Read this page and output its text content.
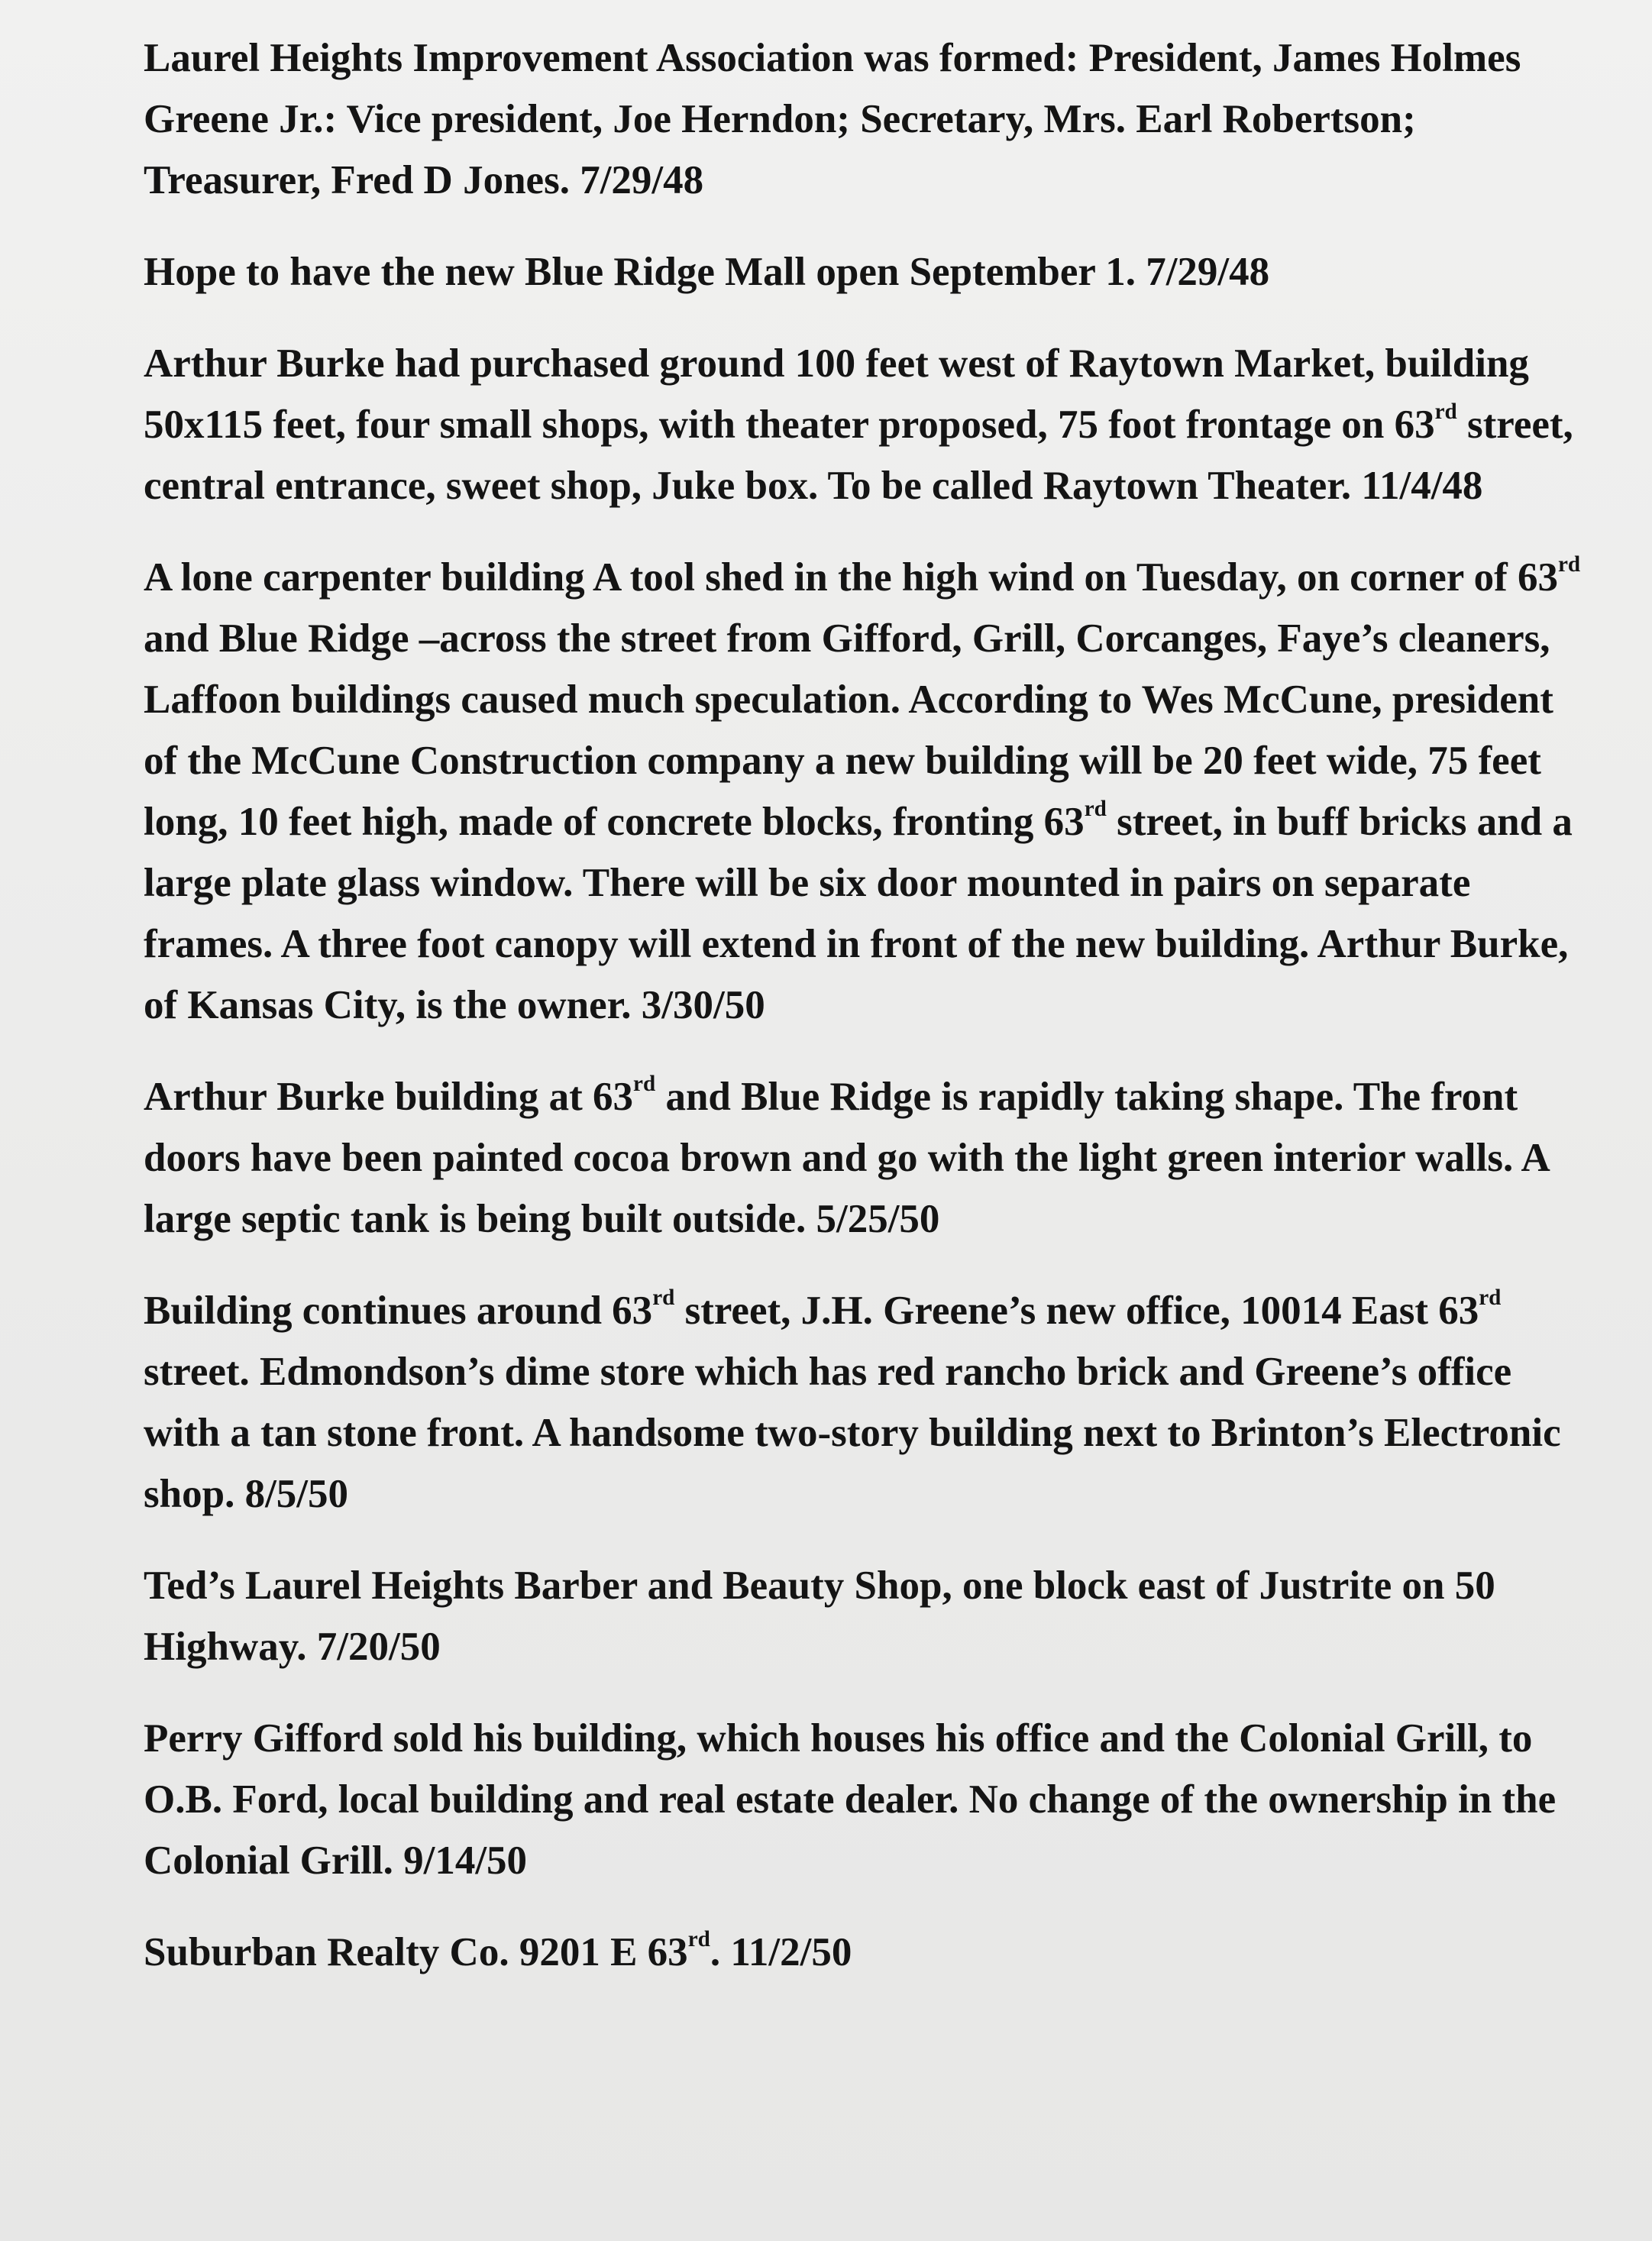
Laurel Heights Improvement Association was formed: President, James Holmes Greene Jr.: Vice president, Joe Herndon; Secretary, Mrs. Earl Robertson; Treasurer, Fred D Jones. 7/29/48

Hope to have the new Blue Ridge Mall open September 1. 7/29/48

Arthur Burke had purchased ground 100 feet west of Raytown Market, building 50x115 feet, four small shops, with theater proposed, 75 foot frontage on 63rd street, central entrance, sweet shop, Juke box. To be called Raytown Theater. 11/4/48

A lone carpenter building A tool shed in the high wind on Tuesday, on corner of 63rd and Blue Ridge –across the street from Gifford, Grill, Corcanges, Faye’s cleaners, Laffoon buildings caused much speculation. According to Wes McCune, president of the McCune Construction company a new building will be 20 feet wide, 75 feet long, 10 feet high, made of concrete blocks, fronting 63rd street, in buff bricks and a large plate glass window. There will be six door mounted in pairs on separate frames. A three foot canopy will extend in front of the new building. Arthur Burke, of Kansas City, is the owner. 3/30/50

Arthur Burke building at 63rd and Blue Ridge is rapidly taking shape. The front doors have been painted cocoa brown and go with the light green interior walls. A large septic tank is being built outside. 5/25/50

Building continues around 63rd street, J.H. Greene’s new office, 10014 East 63rd street. Edmondson’s dime store which has red rancho brick and Greene’s office with a tan stone front. A handsome two-story building next to Brinton’s Electronic shop. 8/5/50

Ted’s Laurel Heights Barber and Beauty Shop, one block east of Justrite on 50 Highway. 7/20/50

Perry Gifford sold his building, which houses his office and the Colonial Grill, to O.B. Ford, local building and real estate dealer. No change of the ownership in the Colonial Grill. 9/14/50

Suburban Realty Co. 9201 E 63rd. 11/2/50
